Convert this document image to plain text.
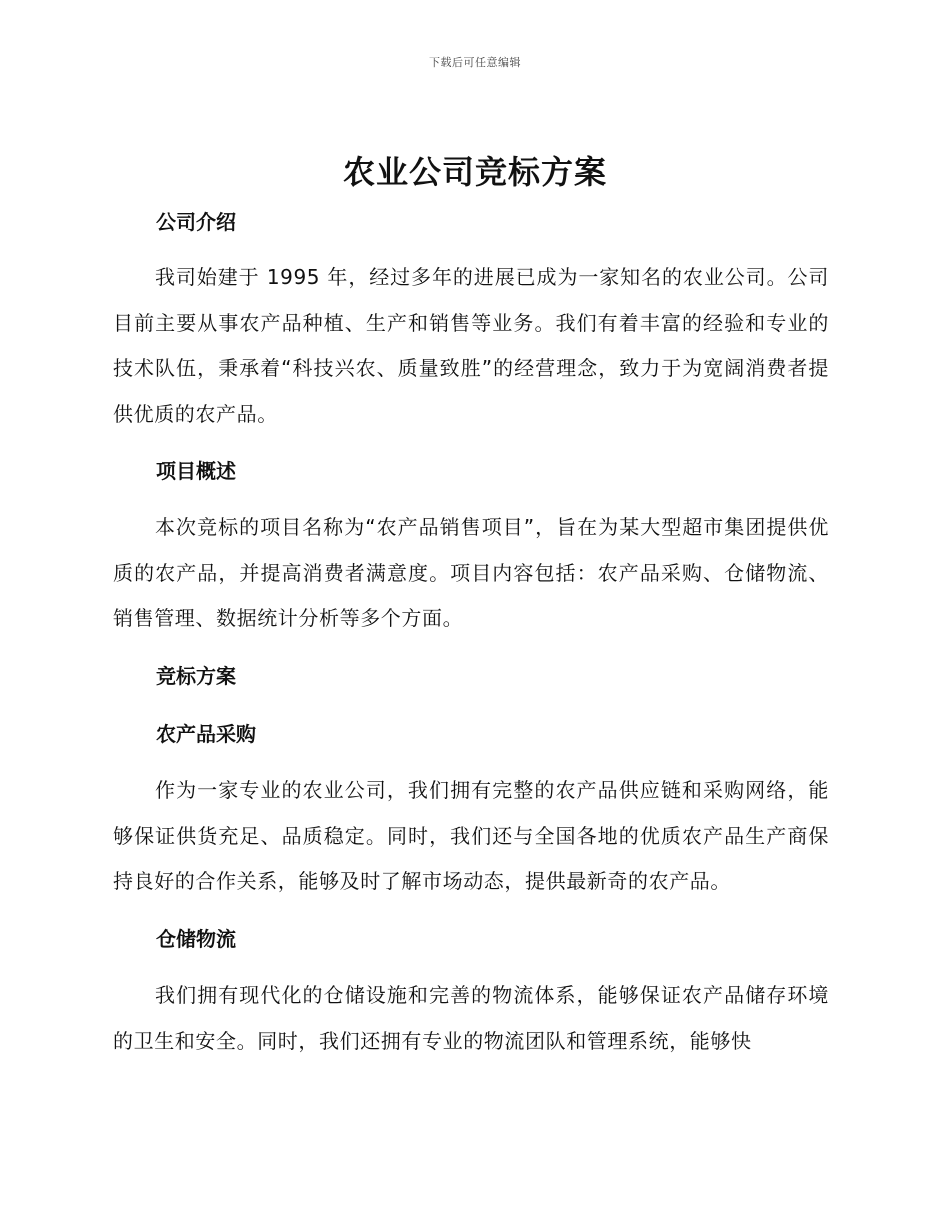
下载后可任意编辑
农业公司竞标方案
公司介绍

我司始建于 1995 年，经过多年的进展已成为一家知名的农业公司。公司目前主要从事农产品种植、生产和销售等业务。我们有着丰富的经验和专业的技术队伍，秉承着“科技兴农、质量致胜”的经营理念，致力于为宽阔消费者提供优质的农产品。

项目概述

本次竞标的项目名称为“农产品销售项目”，旨在为某大型超市集团提供优质的农产品，并提高消费者满意度。项目内容包括：农产品采购、仓储物流、销售管理、数据统计分析等多个方面。

竞标方案
农产品采购

作为一家专业的农业公司，我们拥有完整的农产品供应链和采购网络，能够保证供货充足、品质稳定。同时，我们还与全国各地的优质农产品生产商保持良好的合作关系，能够及时了解市场动态，提供最新奇的农产品。

仓储物流

我们拥有现代化的仓储设施和完善的物流体系，能够保证农产品储存环境的卫生和安全。同时，我们还拥有专业的物流团队和管理系统，能够快
